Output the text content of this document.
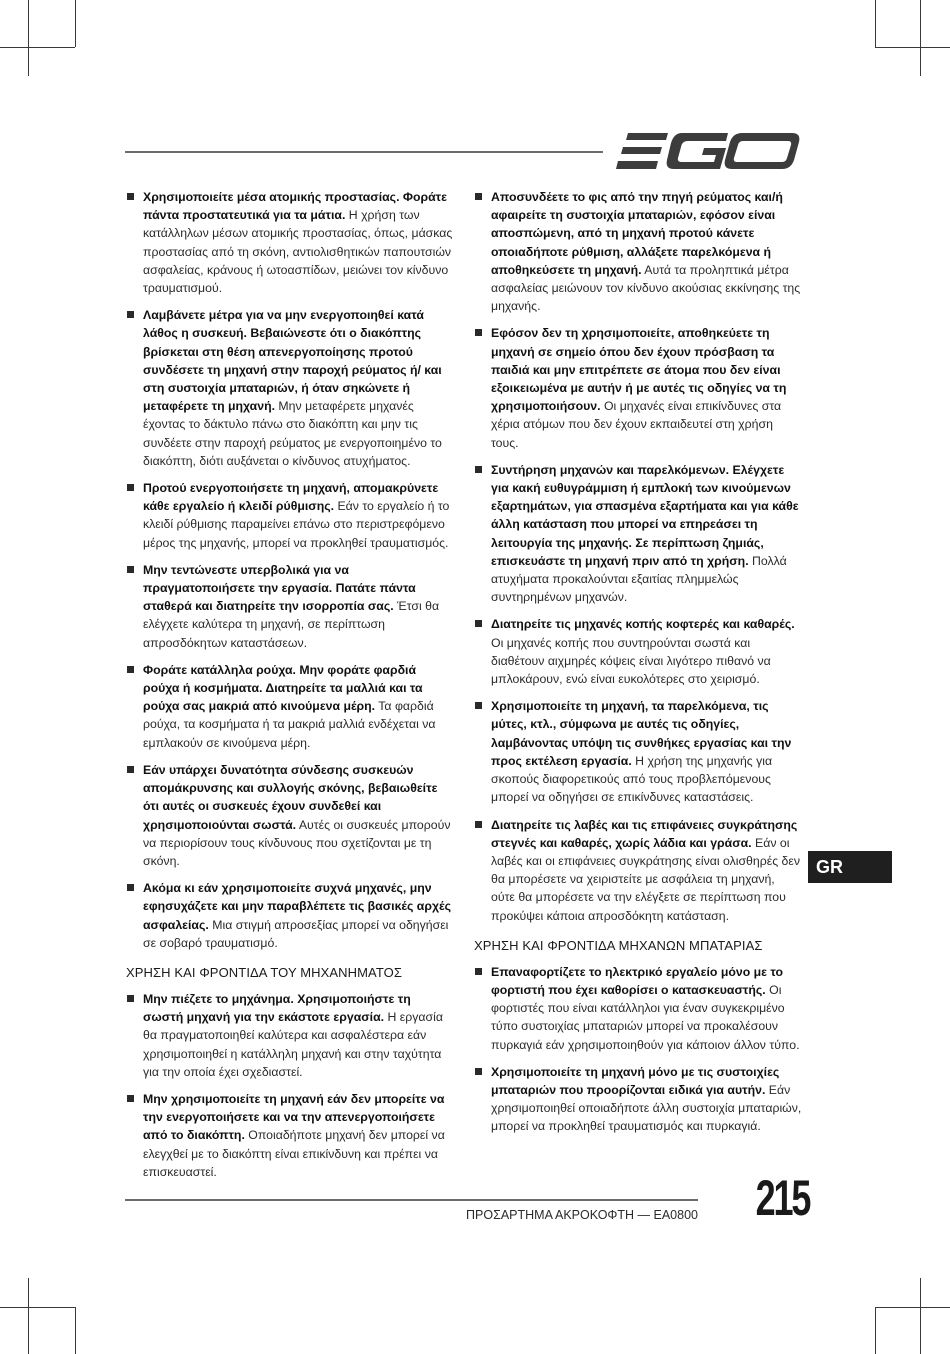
Χρησιμοποιείτε μέσα ατομικής προστασίας. Φοράτε πάντα προστατευτικά για τα μάτια. Η χρήση των κατάλληλων μέσων ατομικής προστασίας, όπως, μάσκας προστασίας από τη σκόνη, αντιολισθητικών παπουτσιών ασφαλείας, κράνους ή ωτοασπίδων, μειώνει τον κίνδυνο τραυματισμού.
Λαμβάνετε μέτρα για να μην ενεργοποιηθεί κατά λάθος η συσκευή. Βεβαιώνεστε ότι ο διακόπτης βρίσκεται στη θέση απενεργοποίησης προτού συνδέσετε τη μηχανή στην παροχή ρεύματος ή/ και στη συστοιχία μπαταριών, ή όταν σηκώνετε ή μεταφέρετε τη μηχανή. Μην μεταφέρετε μηχανές έχοντας το δάκτυλο πάνω στο διακόπτη και μην τις συνδέετε στην παροχή ρεύματος με ενεργοποιημένο το διακόπτη, διότι αυξάνεται ο κίνδυνος ατυχήματος.
Προτού ενεργοποιήσετε τη μηχανή, απομακρύνετε κάθε εργαλείο ή κλειδί ρύθμισης. Εάν το εργαλείο ή το κλειδί ρύθμισης παραμείνει επάνω στο περιστρεφόμενο μέρος της μηχανής, μπορεί να προκληθεί τραυματισμός.
Μην τεντώνεστε υπερβολικά για να πραγματοποιήσετε την εργασία. Πατάτε πάντα σταθερά και διατηρείτε την ισορροπία σας. Έτσι θα ελέγχετε καλύτερα τη μηχανή, σε περίπτωση απροσδόκητων καταστάσεων.
Φοράτε κατάλληλα ρούχα. Μην φοράτε φαρδιά ρούχα ή κοσμήματα. Διατηρείτε τα μαλλιά και τα ρούχα σας μακριά από κινούμενα μέρη. Τα φαρδιά ρούχα, τα κοσμήματα ή τα μακριά μαλλιά ενδέχεται να εμπλακούν σε κινούμενα μέρη.
Εάν υπάρχει δυνατότητα σύνδεσης συσκευών απομάκρυνσης και συλλογής σκόνης, βεβαιωθείτε ότι αυτές οι συσκευές έχουν συνδεθεί και χρησιμοποιούνται σωστά. Αυτές οι συσκευές μπορούν να περιορίσουν τους κίνδυνους που σχετίζονται με τη σκόνη.
Ακόμα κι εάν χρησιμοποιείτε συχνά μηχανές, μην εφησυχάζετε και μην παραβλέπετε τις βασικές αρχές ασφαλείας. Μια στιγμή απροσεξίας μπορεί να οδηγήσει σε σοβαρό τραυματισμό.
ΧΡΗΣΗ ΚΑΙ ΦΡΟΝΤΙΔΑ ΤΟΥ ΜΗΧΑΝΗΜΑΤΟΣ
Μην πιέζετε το μηχάνημα. Χρησιμοποιήστε τη σωστή μηχανή για την εκάστοτε εργασία. Η εργασία θα πραγματοποιηθεί καλύτερα και ασφαλέστερα εάν χρησιμοποιηθεί η κατάλληλη μηχανή και στην ταχύτητα για την οποία έχει σχεδιαστεί.
Μην χρησιμοποιείτε τη μηχανή εάν δεν μπορείτε να την ενεργοποιήσετε και να την απενεργοποιήσετε από το διακόπτη. Οποιαδήποτε μηχανή δεν μπορεί να ελεγχθεί με το διακόπτη είναι επικίνδυνη και πρέπει να επισκευαστεί.
Αποσυνδέετε το φις από την πηγή ρεύματος και/ή αφαιρείτε τη συστοιχία μπαταριών, εφόσον είναι αποσπώμενη, από τη μηχανή προτού κάνετε οποιαδήποτε ρύθμιση, αλλάξετε παρελκόμενα ή αποθηκεύσετε τη μηχανή. Αυτά τα προληπτικά μέτρα ασφαλείας μειώνουν τον κίνδυνο ακούσιας εκκίνησης της μηχανής.
Εφόσον δεν τη χρησιμοποιείτε, αποθηκεύετε τη μηχανή σε σημείο όπου δεν έχουν πρόσβαση τα παιδιά και μην επιτρέπετε σε άτομα που δεν είναι εξοικειωμένα με αυτήν ή με αυτές τις οδηγίες να τη χρησιμοποιήσουν. Οι μηχανές είναι επικίνδυνες στα χέρια ατόμων που δεν έχουν εκπαιδευτεί στη χρήση τους.
Συντήρηση μηχανών και παρελκόμενων. Ελέγχετε για κακή ευθυγράμμιση ή εμπλοκή των κινούμενων εξαρτημάτων, για σπασμένα εξαρτήματα και για κάθε άλλη κατάσταση που μπορεί να επηρεάσει τη λειτουργία της μηχανής. Σε περίπτωση ζημιάς, επισκευάστε τη μηχανή πριν από τη χρήση. Πολλά ατυχήματα προκαλούνται εξαιτίας πλημμελώς συντηρημένων μηχανών.
Διατηρείτε τις μηχανές κοπής κοφτερές και καθαρές. Οι μηχανές κοπής που συντηρούνται σωστά και διαθέτουν αιχμηρές κόψεις είναι λιγότερο πιθανό να μπλοκάρουν, ενώ είναι ευκολότερες στο χειρισμό.
Χρησιμοποιείτε τη μηχανή, τα παρελκόμενα, τις μύτες, κτλ., σύμφωνα με αυτές τις οδηγίες, λαμβάνοντας υπόψη τις συνθήκες εργασίας και την προς εκτέλεση εργασία. Η χρήση της μηχανής για σκοπούς διαφορετικούς από τους προβλεπόμενους μπορεί να οδηγήσει σε επικίνδυνες καταστάσεις.
Διατηρείτε τις λαβές και τις επιφάνειες συγκράτησης στεγνές και καθαρές, χωρίς λάδια και γράσα. Εάν οι λαβές και οι επιφάνειες συγκράτησης είναι ολισθηρές δεν θα μπορέσετε να χειριστείτε με ασφάλεια τη μηχανή, ούτε θα μπορέσετε να την ελέγξετε σε περίπτωση που προκύψει κάποια απροσδόκητη κατάσταση.
ΧΡΗΣΗ ΚΑΙ ΦΡΟΝΤΙΔΑ ΜΗΧΑΝΩΝ ΜΠΑΤΑΡΙΑΣ
Επαναφορτίζετε το ηλεκτρικό εργαλείο μόνο με το φορτιστή που έχει καθορίσει ο κατασκευαστής. Οι φορτιστές που είναι κατάλληλοι για έναν συγκεκριμένο τύπο συστοιχίας μπαταριών μπορεί να προκαλέσουν πυρκαγιά εάν χρησιμοποιηθούν για κάποιον άλλον τύπο.
Χρησιμοποιείτε τη μηχανή μόνο με τις συστοιχίες μπαταριών που προορίζονται ειδικά για αυτήν. Εάν χρησιμοποιηθεί οποιαδήποτε άλλη συστοιχία μπαταριών, μπορεί να προκληθεί τραυματισμός και πυρκαγιά.
GR
ΠΡΟΣΑΡΤΗΜΑ ΑΚΡΟΚΟΦΤΗ — EA0800 215
